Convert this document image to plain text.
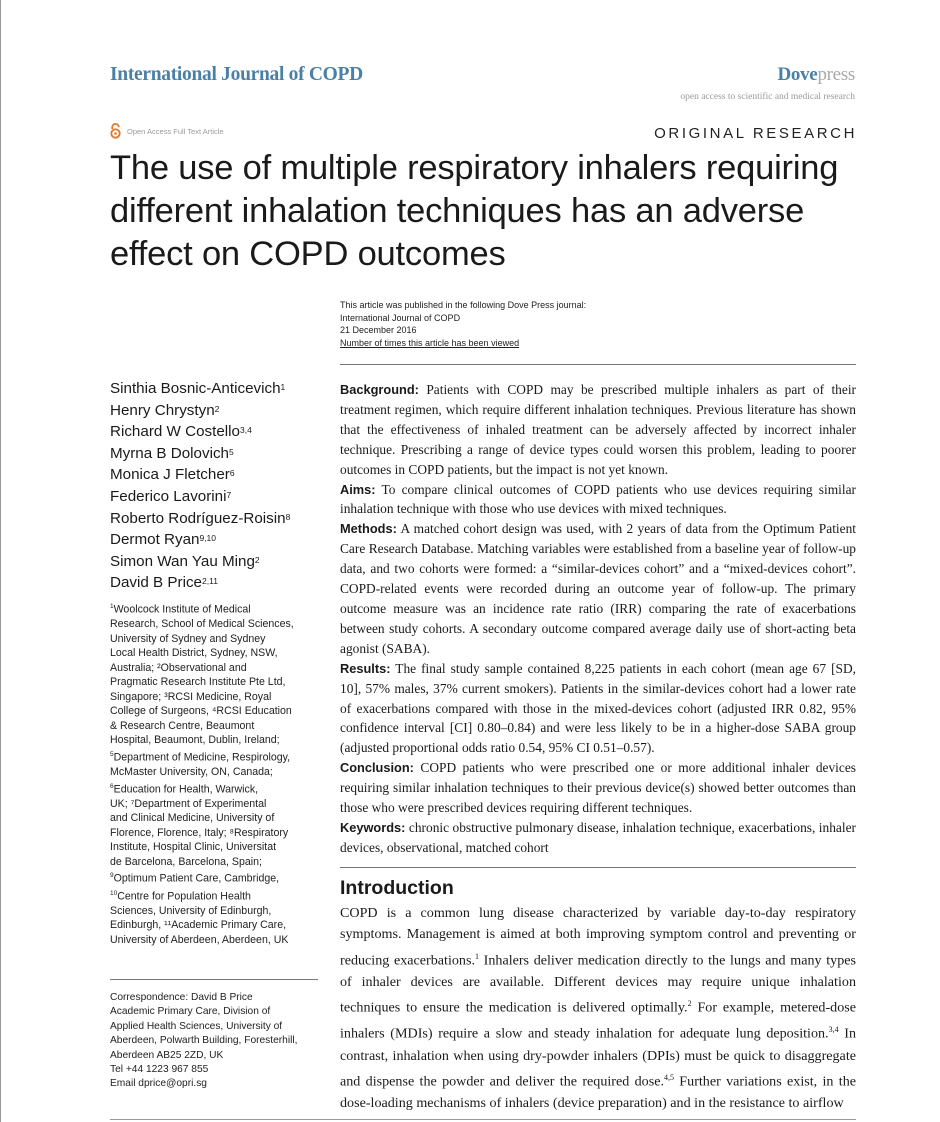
International Journal of COPD	Dovepress
open access to scientific and medical research
Open Access Full Text Article	ORIGINAL RESEARCH
The use of multiple respiratory inhalers requiring
different inhalation techniques has an adverse
effect on COPD outcomes
This article was published in the following Dove Press journal:
International Journal of COPD
21 December 2016
Number of times this article has been viewed
Sinthia Bosnic-Anticevich$^1$
Henry Chrystyn$^2$
Richard W Costello$^{3,4}$
Myrna B Dolovich$^5$
Monica J Fletcher$^6$
Federico Lavorini$^7$
Roberto Rodríguez-Roisin$^8$
Dermot Ryan$^{9,10}$
Simon Wan Yau Ming$^2$
David B Price$^{2,11}$
$^1$Woolcock Institute of Medical
Research, School of Medical Sciences,
University of Sydney and Sydney
Local Health District, Sydney, NSW,
Australia; ²Observational and
Pragmatic Research Institute Pte Ltd,
Singapore; ³RCSI Medicine, Royal
College of Surgeons, ⁴RCSI Education
& Research Centre, Beaumont
Hospital, Beaumont, Dublin, Ireland;
$^5$Department of Medicine, Respirology,
McMaster University, ON, Canada;
$^6$Education for Health, Warwick,
UK; ⁷Department of Experimental
and Clinical Medicine, University of
Florence, Florence, Italy; ⁸Respiratory
Institute, Hospital Clinic, Universitat
de Barcelona, Barcelona, Spain;
$^9$Optimum Patient Care, Cambridge,
$^{10}$Centre for Population Health
Sciences, University of Edinburgh,
Edinburgh, ¹¹Academic Primary Care,
University of Aberdeen, Aberdeen, UK
Correspondence: David B Price
Academic Primary Care, Division of
Applied Health Sciences, University of
Aberdeen, Polwarth Building, Foresterhill,
Aberdeen AB25 2ZD, UK
Tel +44 1223 967 855
Email dprice@opri.sg

Background: Patients with COPD may be prescribed multiple inhalers as part of their treatment regimen, which require different inhalation techniques. Previous literature has shown that the effectiveness of inhaled treatment can be adversely affected by incorrect inhaler technique. Prescribing a range of device types could worsen this problem, leading to poorer outcomes in COPD patients, but the impact is not yet known.

Aims: To compare clinical outcomes of COPD patients who use devices requiring similar inhalation technique with those who use devices with mixed techniques.

Methods: A matched cohort design was used, with 2 years of data from the Optimum Patient Care Research Database. Matching variables were established from a baseline year of follow-up data, and two cohorts were formed: a “similar-devices cohort” and a “mixed-devices cohort”. COPD-related events were recorded during an outcome year of follow-up. The primary outcome measure was an incidence rate ratio (IRR) comparing the rate of exacerbations between study cohorts. A secondary outcome compared average daily use of short-acting beta agonist (SABA).

Results: The final study sample contained 8,225 patients in each cohort (mean age 67 [SD, 10], 57% males, 37% current smokers). Patients in the similar-devices cohort had a lower rate of exacerbations compared with those in the mixed-devices cohort (adjusted IRR 0.82, 95% confidence interval [CI] 0.80–0.84) and were less likely to be in a higher-dose SABA group (adjusted proportional odds ratio 0.54, 95% CI 0.51–0.57).

Conclusion: COPD patients who were prescribed one or more additional inhaler devices requiring similar inhalation techniques to their previous device(s) showed better outcomes than those who were prescribed devices requiring different techniques.

Keywords: chronic obstructive pulmonary disease, inhalation technique, exacerbations, inhaler devices, observational, matched cohort

Introduction
COPD is a common lung disease characterized by variable day-to-day respiratory symptoms. Management is aimed at both improving symptom control and preventing or reducing exacerbations.$^1$ Inhalers deliver medication directly to the lungs and many types of inhaler devices are available. Different devices may require unique inhalation techniques to ensure the medication is delivered optimally.$^2$ For example, metered-dose inhalers (MDIs) require a slow and steady inhalation for adequate lung deposition.$^{3,4}$ In contrast, inhalation when using dry-powder inhalers (DPIs) must be quick to disaggregate and dispense the powder and deliver the required dose.$^{4,5}$ Further variations exist, in the dose-loading mechanisms of inhalers (device preparation) and in the resistance to airflow
